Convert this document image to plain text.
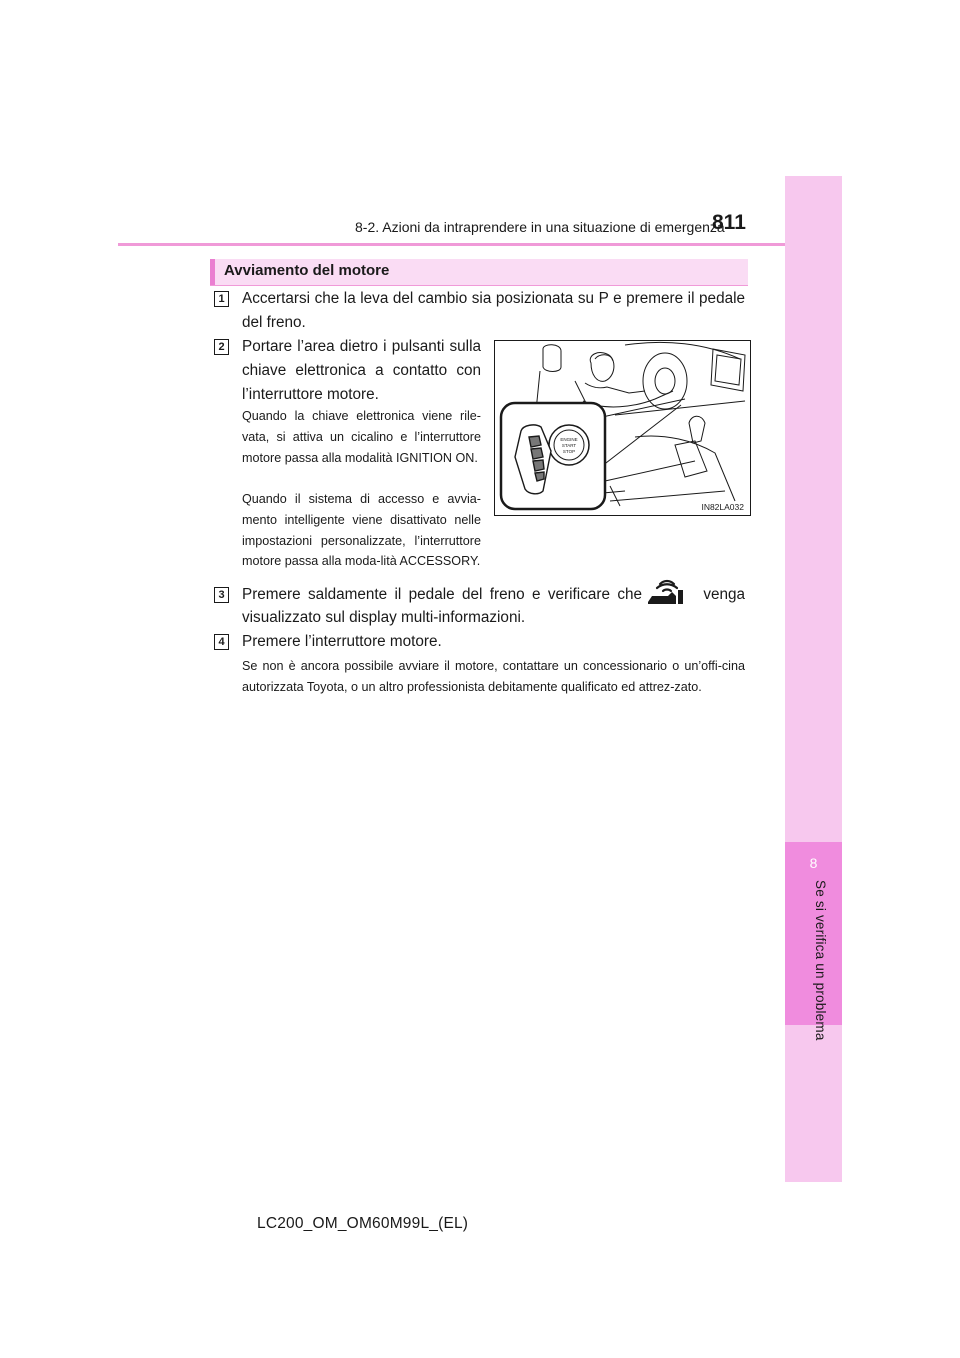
8
Se si verifica un problema
8-2. Azioni da intraprendere in una situazione di emergenza
811
Avviamento del motore
1 Accertarsi che la leva del cambio sia posizionata su P e premere il pedale del freno.
2 Portare l’area dietro i pulsanti sulla chiave elettronica a contatto con l’interruttore motore.
Quando la chiave elettronica viene rile-vata, si attiva un cicalino e l’interruttore motore passa alla modalità IGNITION ON.
Quando il sistema di accesso e avvia-mento intelligente viene disattivato nelle impostazioni personalizzate, l’interruttore motore passa alla moda-lità ACCESSORY.
ENGINE
START
STOP
IN82LA032
3 Premere saldamente il pedale del freno e verificare che	venga
visualizzato sul display multi-informazioni.
4 Premere l’interruttore motore.
Se non è ancora possibile avviare il motore, contattare un concessionario o un’offi-cina autorizzata Toyota, o un altro professionista debitamente qualificato ed attrez-zato.
LC200_OM_OM60M99L_(EL)
